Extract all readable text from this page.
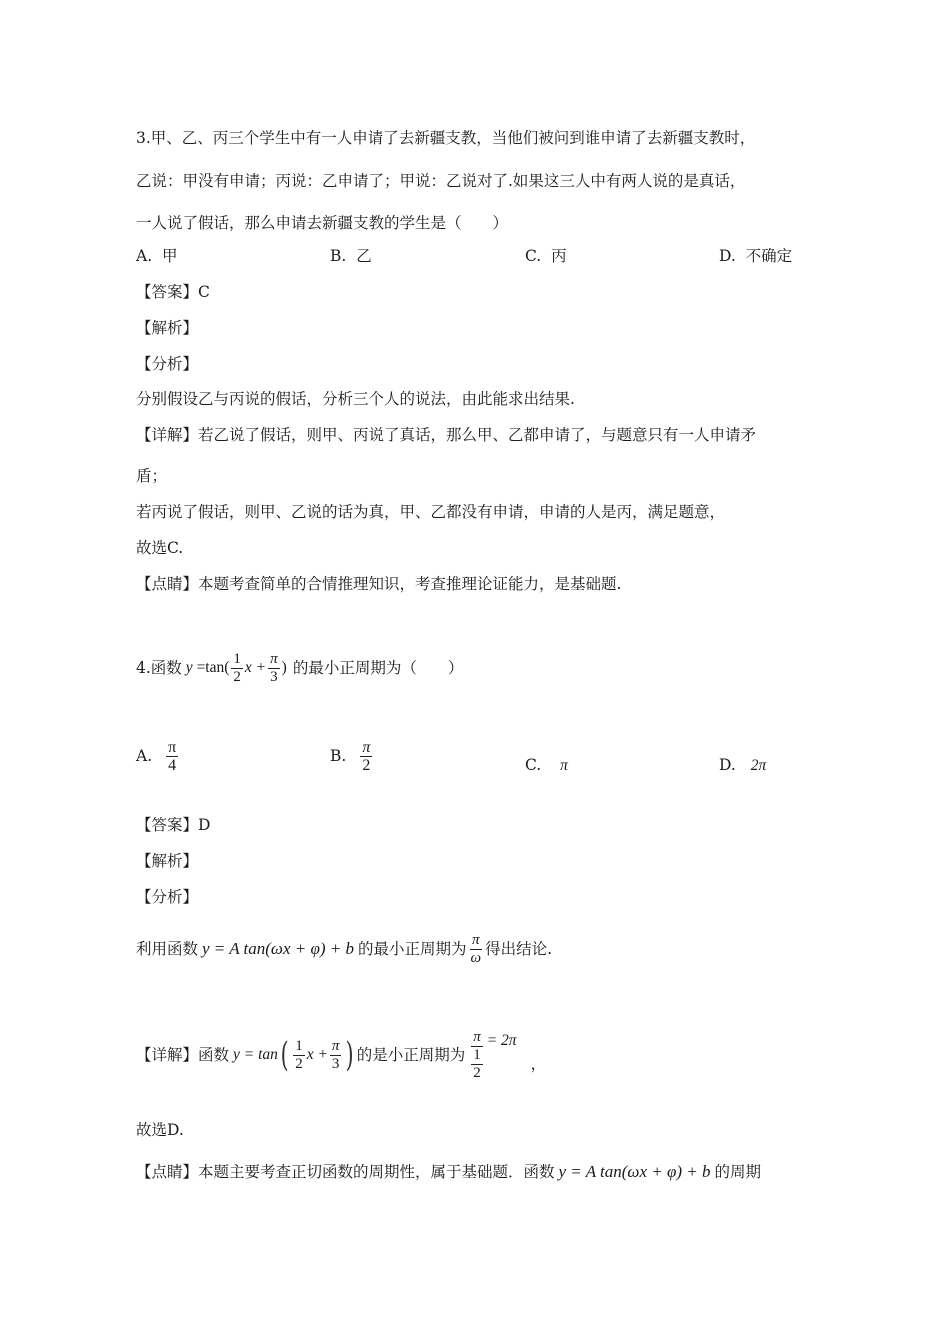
3.甲、乙、丙三个学生中有一人申请了去新疆支教，当他们被问到谁申请了去新疆支教时，
乙说：甲没有申请；丙说：乙申请了；甲说：乙说对了.如果这三人中有两人说的是真话，
一人说了假话，那么申请去新疆支教的学生是（　　）
A. 甲	B. 乙	C. 丙	D. 不确定
【答案】C
【解析】
【分析】
分别假设乙与丙说的假话，分析三个人的说法，由此能求出结果.
【详解】若乙说了假话，则甲、丙说了真话，那么甲、乙都申请了，与题意只有一人申请矛
盾；
若丙说了假话，则甲、乙说的话为真，甲、乙都没有申请，申请的人是丙，满足题意，
故选C.
【点睛】本题考查简单的合情推理知识，考查推理论证能力，是基础题.
4.函数 $y =\tan( \frac{1}{2}$ $x + \frac{\pi}{3}$ ) 的最小正周期为（　　）
A. $\frac{\pi}{4}$	B. $\frac{\pi}{2}$	C. π	D. 2π
【答案】D
【解析】
【分析】
利用函数 y = A tan(ωx + φ) + b 的最小正周期为 $\frac{\pi}{\omega}$ 得出结论.
【详解】函数 y = tan ( $\frac{1}{2}$ $x + \frac{\pi}{3}$ ) 的是小正周期为 $\frac{\pi}{\frac{1}{2}} = 2\pi$
，
故选D.
【点睛】本题主要考查正切函数的周期性，属于基础题．函数 y = A tan(ωx + φ) + b 的周期
